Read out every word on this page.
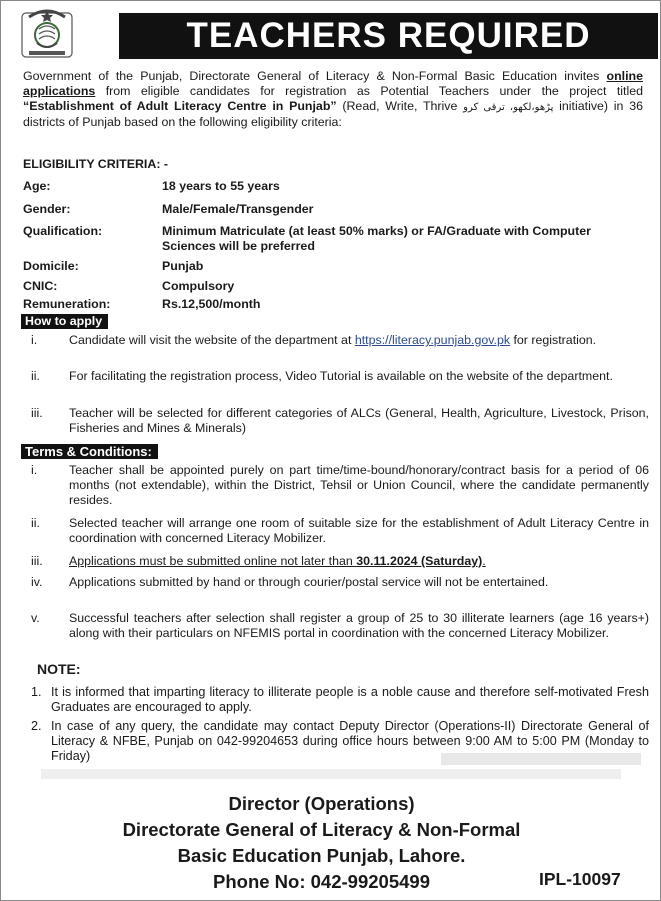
TEACHERS REQUIRED
Government of the Punjab, Directorate General of Literacy & Non-Formal Basic Education invites online applications from eligible candidates for registration as Potential Teachers under the project titled “Establishment of Adult Literacy Centre in Punjab” (Read, Write, Thrive پڑھو،لکھو، ترقی کرو initiative) in 36 districts of Punjab based on the following eligibility criteria:
ELIGIBILITY CRITERIA: -
Age:	18 years to 55 years
Gender:	Male/Female/Transgender
Qualification:	Minimum Matriculate (at least 50% marks) or FA/Graduate with Computer Sciences will be preferred
Domicile:	Punjab
CNIC:	Compulsory
Remuneration:	Rs.12,500/month
How to apply
i.	Candidate will visit the website of the department at https://literacy.punjab.gov.pk for registration.
ii.	For facilitating the registration process, Video Tutorial is available on the website of the department.
iii.	Teacher will be selected for different categories of ALCs (General, Health, Agriculture, Livestock, Prison, Fisheries and Mines & Minerals)
Terms & Conditions:
i.	Teacher shall be appointed purely on part time/time-bound/honorary/contract basis for a period of 06 months (not extendable), within the District, Tehsil or Union Council, where the candidate permanently resides.
ii.	Selected teacher will arrange one room of suitable size for the establishment of Adult Literacy Centre in coordination with concerned Literacy Mobilizer.
iii.	Applications must be submitted online not later than 30.11.2024 (Saturday).
iv.	Applications submitted by hand or through courier/postal service will not be entertained.
v.	Successful teachers after selection shall register a group of 25 to 30 illiterate learners (age 16 years+) along with their particulars on NFEMIS portal in coordination with the concerned Literacy Mobilizer.
NOTE:
1. It is informed that imparting literacy to illiterate people is a noble cause and therefore self-motivated Fresh Graduates are encouraged to apply.
2. In case of any query, the candidate may contact Deputy Director (Operations-II) Directorate General of Literacy & NFBE, Punjab on 042-99204653 during office hours between 9:00 AM to 5:00 PM (Monday to Friday)
Director (Operations)
Directorate General of Literacy & Non-Formal
Basic Education Punjab, Lahore.
Phone No: 042-99205499	IPL-10097
